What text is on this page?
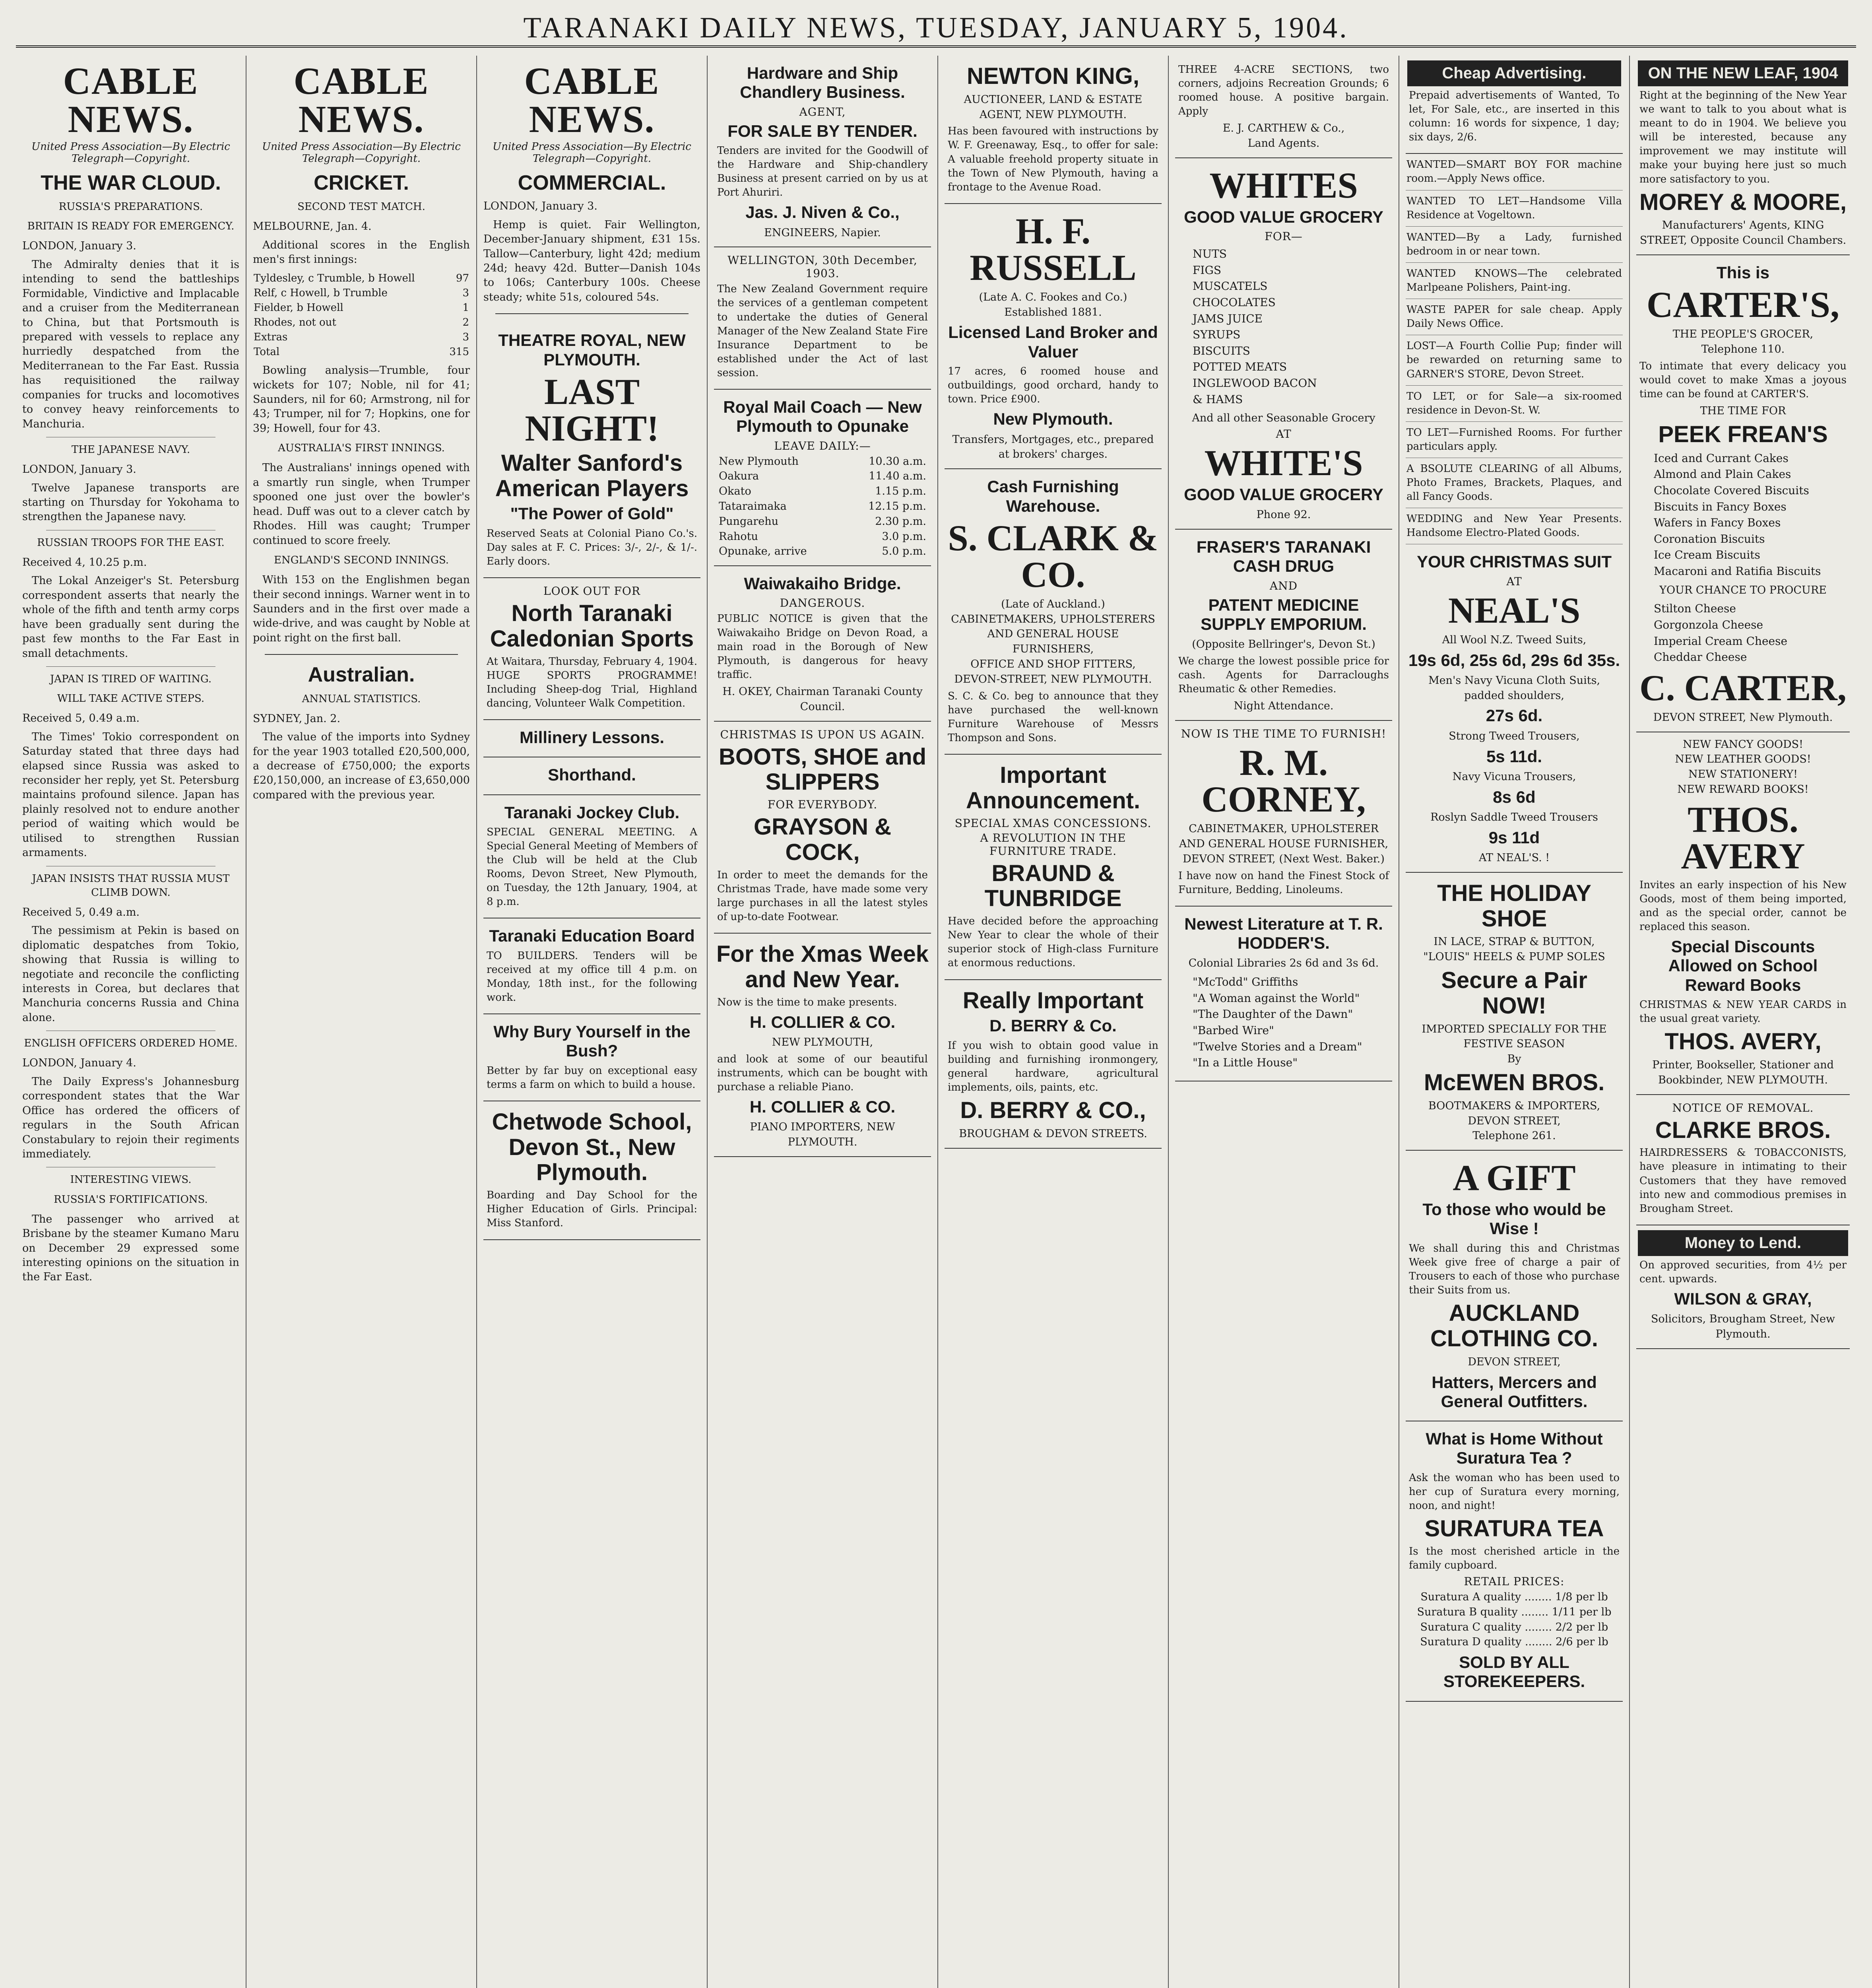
TARANAKI DAILY NEWS, TUESDAY, JANUARY 5, 1904.
CABLE NEWS.
United Press Association—By Electric Telegraph—Copyright.
THE WAR CLOUD.
RUSSIA'S PREPARATIONS.
BRITAIN IS READY FOR EMERGENCY.
LONDON, January 3.

The Admiralty denies that it is intending to send the battleships Formidable, Vindictive and Implacable and a cruiser from the Mediterranean to China, but that Portsmouth is prepared with vessels to replace any hurriedly despatched from the Mediterranean to the Far East. Russia has requisitioned the railway companies for trucks and locomotives to convey heavy reinforcements to Manchuria.

THE JAPANESE NAVY.
LONDON, January 3.

Twelve Japanese transports are starting on Thursday for Yokohama to strengthen the Japanese navy.

RUSSIAN TROOPS FOR THE EAST.
Received 4, 10.25 p.m.

The Lokal Anzeiger's St. Petersburg correspondent asserts that nearly the whole of the fifth and tenth army corps have been gradually sent during the past few months to the Far East in small detachments.

JAPAN IS TIRED OF WAITING.
WILL TAKE ACTIVE STEPS.
Received 5, 0.49 a.m.

The Times' Tokio correspondent on Saturday stated that three days had elapsed since Russia was asked to reconsider her reply, yet St. Petersburg maintains profound silence. Japan has plainly resolved not to endure another period of waiting which would be utilised to strengthen Russian armaments.

JAPAN INSISTS THAT RUSSIA MUST CLIMB DOWN.
Received 5, 0.49 a.m.

The pessimism at Pekin is based on diplomatic despatches from Tokio, showing that Russia is willing to negotiate and reconcile the conflicting interests in Corea, but declares that Manchuria concerns Russia and China alone.

ENGLISH OFFICERS ORDERED HOME.
LONDON, January 4.

The Daily Express's Johannesburg correspondent states that the War Office has ordered the officers of regulars in the South African Constabulary to rejoin their regiments immediately.

INTERESTING VIEWS.
RUSSIA'S FORTIFICATIONS.

The passenger who arrived at Brisbane by the steamer Kumano Maru on December 29 expressed some interesting opinions on the situation in the Far East.

CABLE NEWS.
United Press Association—By Electric Telegraph—Copyright.
CRICKET.
SECOND TEST MATCH.
MELBOURNE, Jan. 4.

Additional scores in the English men's first innings:

Tyldesley, c Trumble, b Howell	97
Relf, c Howell, b Trumble	3
Fielder, b Howell	1
Rhodes, not out	2
Extras	3
Total	315

Bowling analysis—Trumble, four wickets for 107; Noble, nil for 41; Saunders, nil for 60; Armstrong, nil for 43; Trumper, nil for 7; Hopkins, one for 39; Howell, four for 43.

AUSTRALIA'S FIRST INNINGS.

The Australians' innings opened with a smartly run single, when Trumper spooned one just over the bowler's head. Duff was out to a clever catch by Rhodes. Hill was caught; Trumper continued to score freely.

ENGLAND'S SECOND INNINGS.

With 153 on the Englishmen began their second innings. Warner went in to Saunders and in the first over made a wide-drive, and was caught by Noble at point right on the first ball.

Australian.
ANNUAL STATISTICS.
SYDNEY, Jan. 2.

The value of the imports into Sydney for the year 1903 totalled £20,500,000, a decrease of £750,000; the exports £20,150,000, an increase of £3,650,000 compared with the previous year.

CABLE NEWS.
United Press Association—By Electric Telegraph—Copyright.
COMMERCIAL.
LONDON, January 3.

Hemp is quiet. Fair Wellington, December-January shipment, £31 15s. Tallow—Canterbury, light 42d; medium 24d; heavy 42d. Butter—Danish 104s to 106s; Canterbury 100s. Cheese steady; white 51s, coloured 54s.

THEATRE ROYAL, NEW PLYMOUTH.
LAST NIGHT!
Walter Sanford's American Players
"The Power of Gold"
Reserved Seats at Colonial Piano Co.'s. Day sales at F. C. Prices: 3/-, 2/-, & 1/-. Early doors.
LOOK OUT FOR
North Taranaki Caledonian Sports
At Waitara, Thursday, February 4, 1904. HUGE SPORTS PROGRAMME! Including Sheep-dog Trial, Highland dancing, Volunteer Walk Competition.
Millinery Lessons.
Shorthand.
Taranaki Jockey Club.
SPECIAL GENERAL MEETING. A Special General Meeting of Members of the Club will be held at the Club Rooms, Devon Street, New Plymouth, on Tuesday, the 12th January, 1904, at 8 p.m.
Taranaki Education Board
TO BUILDERS. Tenders will be received at my office till 4 p.m. on Monday, 18th inst., for the following work.
Why Bury Yourself in the Bush?
Better by far buy on exceptional easy terms a farm on which to build a house.
Chetwode School, Devon St., New Plymouth.
Boarding and Day School for the Higher Education of Girls. Principal: Miss Stanford.
Hardware and Ship Chandlery Business.
AGENT,
FOR SALE BY TENDER.
Tenders are invited for the Goodwill of the Hardware and Ship-chandlery Business at present carried on by us at Port Ahuriri.
Jas. J. Niven & Co.,
ENGINEERS, Napier.
WELLINGTON, 30th December, 1903.
The New Zealand Government require the services of a gentleman competent to undertake the duties of General Manager of the New Zealand State Fire Insurance Department to be established under the Act of last session.
Royal Mail Coach — New Plymouth to Opunake
LEAVE DAILY:—
New Plymouth	10.30 a.m.
Oakura	11.40 a.m.
Okato	1.15 p.m.
Tataraimaka	12.15 p.m.
Pungarehu	2.30 p.m.
Rahotu	3.0 p.m.
Opunake, arrive	5.0 p.m.
Waiwakaiho Bridge.
DANGEROUS.
PUBLIC NOTICE is given that the Waiwakaiho Bridge on Devon Road, a main road in the Borough of New Plymouth, is dangerous for heavy traffic.
H. OKEY, Chairman Taranaki County Council.
CHRISTMAS IS UPON US AGAIN.
BOOTS, SHOE and SLIPPERS
FOR EVERYBODY.
GRAYSON & COCK,
In order to meet the demands for the Christmas Trade, have made some very large purchases in all the latest styles of up-to-date Footwear.
For the Xmas Week and New Year.
Now is the time to make presents.
H. COLLIER & CO.
NEW PLYMOUTH,
and look at some of our beautiful instruments, which can be bought with purchase a reliable Piano.
H. COLLIER & CO.
PIANO IMPORTERS, NEW PLYMOUTH.
NEWTON KING,
AUCTIONEER, LAND & ESTATE AGENT, NEW PLYMOUTH.
Has been favoured with instructions by W. F. Greenaway, Esq., to offer for sale: A valuable freehold property situate in the Town of New Plymouth, having a frontage to the Avenue Road.
H. F. RUSSELL
(Late A. C. Fookes and Co.)
Established 1881.
Licensed Land Broker and Valuer
17 acres, 6 roomed house and outbuildings, good orchard, handy to town. Price £900.
New Plymouth.
Transfers, Mortgages, etc., prepared at brokers' charges.
Cash Furnishing Warehouse.
S. CLARK & CO.
(Late of Auckland.)
CABINETMAKERS, UPHOLSTERERS AND GENERAL HOUSE FURNISHERS,
OFFICE AND SHOP FITTERS, DEVON-STREET, NEW PLYMOUTH.
S. C. & Co. beg to announce that they have purchased the well-known Furniture Warehouse of Messrs Thompson and Sons.
Important Announcement.
SPECIAL XMAS CONCESSIONS.
A REVOLUTION IN THE FURNITURE TRADE.
BRAUND & TUNBRIDGE
Have decided before the approaching New Year to clear the whole of their superior stock of High-class Furniture at enormous reductions.
Really Important
D. BERRY & Co.
If you wish to obtain good value in building and furnishing ironmongery, general hardware, agricultural implements, oils, paints, etc.
D. BERRY & CO.,
BROUGHAM & DEVON STREETS.
THREE 4-ACRE SECTIONS, two corners, adjoins Recreation Grounds; 6 roomed house. A positive bargain. Apply
E. J. CARTHEW & Co.,
Land Agents.
WHITES
GOOD VALUE GROCERY
FOR—
NUTS
FIGS
MUSCATELS
CHOCOLATES
JAMS JUICE
SYRUPS
BISCUITS
POTTED MEATS
INGLEWOOD BACON
& HAMS
And all other Seasonable Grocery
AT
WHITE'S
GOOD VALUE GROCERY
Phone 92.
FRASER'S TARANAKI CASH DRUG
AND
PATENT MEDICINE SUPPLY EMPORIUM.
(Opposite Bellringer's, Devon St.)
We charge the lowest possible price for cash. Agents for Darracloughs Rheumatic & other Remedies.
Night Attendance.
NOW IS THE TIME TO FURNISH!
R. M. CORNEY,
CABINETMAKER, UPHOLSTERER AND GENERAL HOUSE FURNISHER, DEVON STREET, (Next West. Baker.)
I have now on hand the Finest Stock of Furniture, Bedding, Linoleums.
Newest Literature at T. R. HODDER'S.
Colonial Libraries 2s 6d and 3s 6d.
"McTodd" Griffiths
"A Woman against the World"
"The Daughter of the Dawn"
"Barbed Wire"
"Twelve Stories and a Dream"
"In a Little House"
Cheap Advertising.
Prepaid advertisements of Wanted, To let, For Sale, etc., are inserted in this column: 16 words for sixpence, 1 day; six days, 2/6.
WANTED—SMART BOY FOR machine room.—Apply News office.
WANTED TO LET—Handsome Villa Residence at Vogeltown.
WANTED—By a Lady, furnished bedroom in or near town.
WANTED KNOWS—The celebrated Marlpeane Polishers, Paint-ing.
WASTE PAPER for sale cheap. Apply Daily News Office.
LOST—A Fourth Collie Pup; finder will be rewarded on returning same to GARNER'S STORE, Devon Street.
TO LET, or for Sale—a six-roomed residence in Devon-St. W.
TO LET—Furnished Rooms. For further particulars apply.
A BSOLUTE CLEARING of all Albums, Photo Frames, Brackets, Plaques, and all Fancy Goods.
WEDDING and New Year Presents. Handsome Electro-Plated Goods.
YOUR CHRISTMAS SUIT
AT
NEAL'S
All Wool N.Z. Tweed Suits,
19s 6d, 25s 6d, 29s 6d 35s.
Men's Navy Vicuna Cloth Suits, padded shoulders,
27s 6d.
Strong Tweed Trousers,
5s 11d.
Navy Vicuna Trousers,
8s 6d
Roslyn Saddle Tweed Trousers
9s 11d
AT NEAL'S. !
THE HOLIDAY SHOE
IN LACE, STRAP & BUTTON,
"LOUIS" HEELS & PUMP SOLES
Secure a Pair NOW!
IMPORTED SPECIALLY FOR THE FESTIVE SEASON
By
McEWEN BROS.
BOOTMAKERS & IMPORTERS, DEVON STREET,
Telephone 261.
A GIFT
To those who would be Wise !
We shall during this and Christmas Week give free of charge a pair of Trousers to each of those who purchase their Suits from us.
AUCKLAND CLOTHING CO.
DEVON STREET,
Hatters, Mercers and General Outfitters.
What is Home Without Suratura Tea ?
Ask the woman who has been used to her cup of Suratura every morning, noon, and night!
SURATURA TEA
Is the most cherished article in the family cupboard.
RETAIL PRICES:
Suratura A quality ........ 1/8 per lb
Suratura B quality ........ 1/11 per lb
Suratura C quality ........ 2/2 per lb
Suratura D quality ........ 2/6 per lb
SOLD BY ALL STOREKEEPERS.
ON THE NEW LEAF, 1904
Right at the beginning of the New Year we want to talk to you about what is meant to do in 1904. We believe you will be interested, because any improvement we may institute will make your buying here just so much more satisfactory to you.
MOREY & MOORE,
Manufacturers' Agents, KING STREET, Opposite Council Chambers.
This is
CARTER'S,
THE PEOPLE'S GROCER,
Telephone 110.
To intimate that every delicacy you would covet to make Xmas a joyous time can be found at CARTER'S.
THE TIME FOR
PEEK FREAN'S
Iced and Currant Cakes
Almond and Plain Cakes
Chocolate Covered Biscuits
Biscuits in Fancy Boxes
Wafers in Fancy Boxes
Coronation Biscuits
Ice Cream Biscuits
Macaroni and Ratifia Biscuits
YOUR CHANCE TO PROCURE
Stilton Cheese
Gorgonzola Cheese
Imperial Cream Cheese
Cheddar Cheese
C. CARTER,
DEVON STREET, New Plymouth.
NEW FANCY GOODS!
NEW LEATHER GOODS!
NEW STATIONERY!
NEW REWARD BOOKS!
THOS. AVERY
Invites an early inspection of his New Goods, most of them being imported, and as the special order, cannot be replaced this season.
Special Discounts Allowed on School Reward Books
CHRISTMAS & NEW YEAR CARDS in the usual great variety.
THOS. AVERY,
Printer, Bookseller, Stationer and Bookbinder, NEW PLYMOUTH.
NOTICE OF REMOVAL.
CLARKE BROS.
HAIRDRESSERS & TOBACCONISTS, have pleasure in intimating to their Customers that they have removed into new and commodious premises in Brougham Street.
Money to Lend.
On approved securities, from 4½ per cent. upwards.
WILSON & GRAY,
Solicitors, Brougham Street, New Plymouth.
